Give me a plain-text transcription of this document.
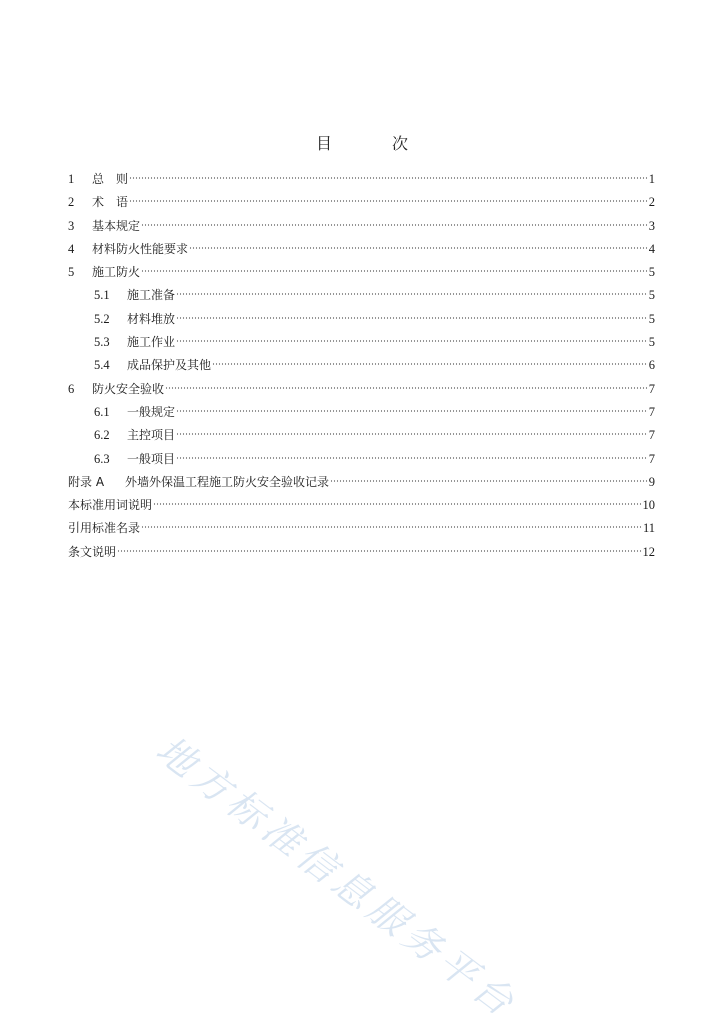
目　次
1	总　则	1
2	术　语	2
3	基本规定	3
4	材料防火性能要求	4
5	施工防火	5
5.1	施工准备	5
5.2	材料堆放	5
5.3	施工作业	5
5.4	成品保护及其他	6
6	防火安全验收	7
6.1	一般规定	7
6.2	主控项目	7
6.3	一般项目	7
附录 A	外墙外保温工程施工防火安全验收记录	9
本标准用词说明	10
引用标准名录	11
条文说明	12
地方标准信息服务平台
